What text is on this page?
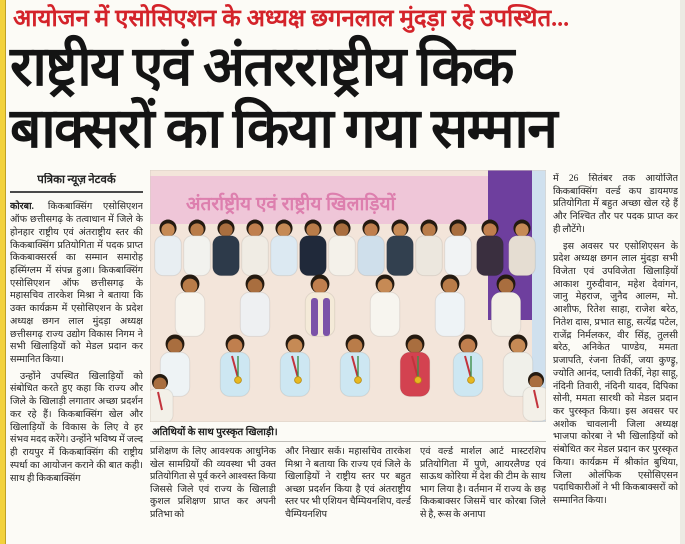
आयोजन में एसोसिएशन के अध्यक्ष छगनलाल मुंदड़ा रहे उपस्थित...
राष्ट्रीय एवं अंतरराष्ट्रीय किक
बाक्सरों का किया गया सम्मान
पत्रिका न्यूज़ नेटवर्क

कोरबा. किकबाक्सिंग एसोसिएशन ऑफ छत्तीसगढ़ के तत्वाधान में जिले के होनहार राष्ट्रीय एवं अंतराष्ट्रीय स्तर की किकबाक्सिंग प्रतियोगिता में पदक प्राप्त किकबाक्सरर्स का सम्मान समारोह हस्मिंग्लम में संपन्न हुआ। किकबाक्सिंग एसोसिएशन ऑफ छत्तीसगढ़ के महासचिव तारकेश मिश्रा ने बताया कि उक्त कार्यक्रम में एसोसिएशन के प्रदेश अध्यक्ष छगन लाल मुंदड़ा अध्यक्ष छत्तीसगढ़ राज्य उद्योग विकास निगम ने सभी खिलाड़ियों को मेडल प्रदान कर सम्मानित किया।

उन्होंने उपस्थित खिलाड़ियों को संबोधित करते हुए कहा कि राज्य और जिले के खिलाड़ी लगातार अच्छा प्रदर्शन कर रहे हैं। किकबाक्सिंग खेल और खिलाड़ियों के विकास के लिए वे हर संभव मदद करेंगे। उन्होंने भविष्य में जल्द ही रायपुर में किकबाक्सिंग की राष्ट्रीय स्पर्धा का आयोजन कराने की बात कही। साथ ही किकबाक्सिंग

अंतर्राष्ट्रीय एवं राष्ट्रीय खिलाड़ियों
अतिथियों के साथ पुरस्कृत खिलाड़ी।
प्रशिक्षण के लिए आवश्यक आधुनिक खेल सामग्रियों की व्यवस्था भी उक्त प्रतियोगिता से पूर्व करने आश्वस्त किया जिससे जिले एवं राज्य के खिलाड़ी कुशल प्रशिक्षण प्राप्त कर अपनी प्रतिभा को
और निखार सकें। महासचिव तारकेश मिश्रा ने बताया कि राज्य एवं जिले के खिलाड़ियों ने राष्ट्रीय स्तर पर बहुत अच्छा प्रदर्शन किया है एवं अंतराष्ट्रीय स्तर पर भी एशियन चैम्पियनशिप, वर्ल्ड चैम्पियनशिप
एवं वर्ल्ड मार्शल आर्ट मास्टरशिप प्रतियोगिता में पुणे, आयरलैण्ड एवं साऊथ कोरिया में देश की टीम के साथ भाग लिया है। वर्तमान में राज्य के छह किकबाक्सर जिसमें चार कोरबा जिले से है, रूस के अनापा

में 26 सितंबर तक आयोजित किकबाक्सिंग वर्ल्ड कप डायमण्ड प्रतियोगिता में बहुत अच्छा खेल रहे हैं और निश्चित तौर पर पदक प्राप्त कर ही लौटेंगे।

इस अवसर पर एसोशिएसन के प्रदेश अध्यक्ष छगन लाल मुंदड़ा सभी विजेता एवं उपविजेता खिलाड़ियों आकाश गुरुदीवान, महेश देवांगन, जानु मेहराज, जुनैद आलम, मो. आशीफ, रितेश साहा, राजेश बरेठ, नितेश दास, प्रभात साहु, सत्येंद्र पटेल, राजेंद्र निर्मलकर, वीर सिंह, तुलसी बरेठ, अनिकेत पाण्डेय, ममता प्रजापति, रंजना तिर्की, जया कुण्ड्रु, ज्योति आनंद, प्लावी तिर्की, नेहा साहू, नंदिनी तिवारी, नंदिनी यादव, दिपिका सोनी, ममता सारथी को मेडल प्रदान कर पुरस्कृत किया। इस अवसर पर अशोक चावलानी जिला अध्यक्ष भाजपा कोरबा ने भी खिलाड़ियों को संबोधित कर मेडल प्रदान कर पुरस्कृत किया। कार्यक्रम में श्रीकांत बुधिया, जिला ओलंफिक एसोसिएसन पदाधिकारीओं ने भी किकबाक्सरों को सम्मानित किया।
